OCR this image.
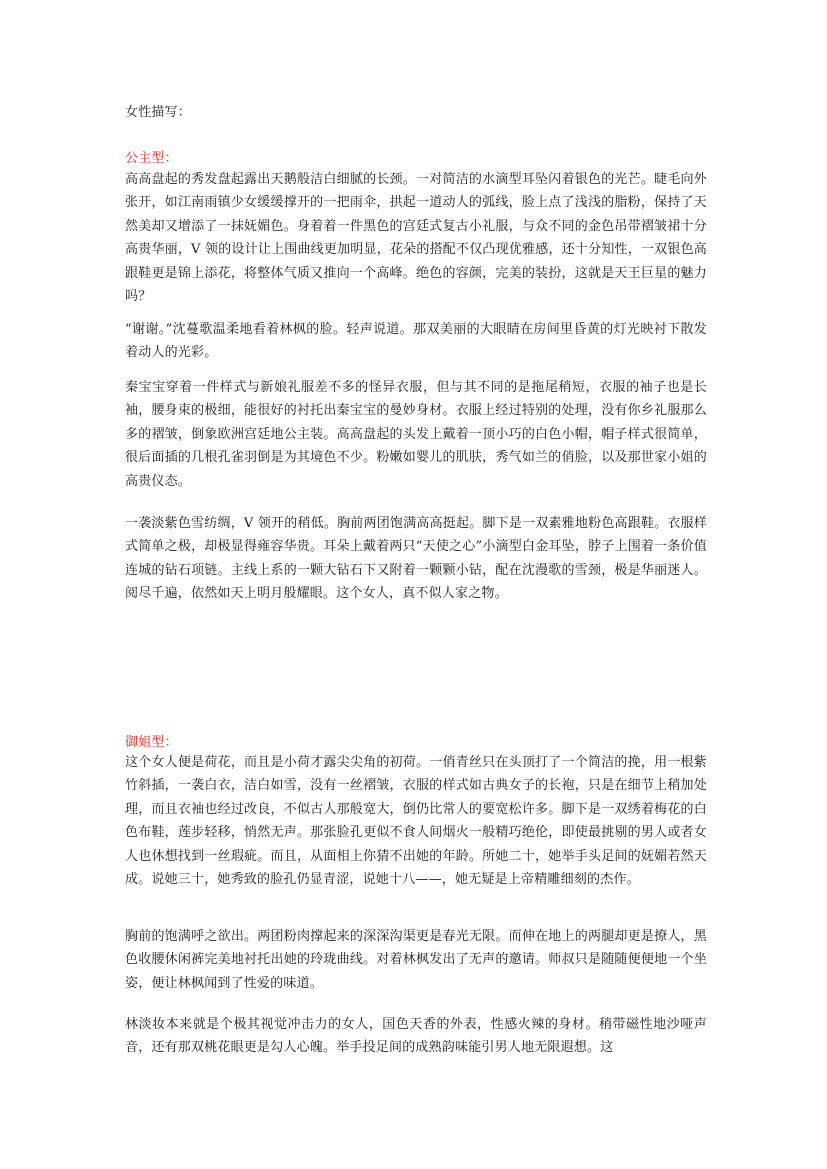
女性描写：

公主型：

高高盘起的秀发盘起露出天鹅般洁白细腻的长颈。一对简洁的水滴型耳坠闪着银色的光芒。睫毛向外张开，如江南雨镇少女缓缓撑开的一把雨伞，拱起一道动人的弧线，脸上点了浅浅的脂粉，保持了天然美却又增添了一抹妩媚色。身着着一件黑色的宫廷式复古小礼服，与众不同的金色吊带褶皱裙十分高贵华丽，V 领的设计让上围曲线更加明显，花朵的搭配不仅凸现优雅感，还十分知性，一双银色高跟鞋更是锦上添花，将整体气质又推向一个高峰。绝色的容颜，完美的装扮，这就是天王巨星的魅力吗？

“谢谢。”沈蔓歌温柔地看着林枫的脸。轻声说道。那双美丽的大眼睛在房间里昏黄的灯光映衬下散发着动人的光彩。

秦宝宝穿着一件样式与新娘礼服差不多的怪异衣服，但与其不同的是拖尾稍短，衣服的袖子也是长袖，腰身束的极细，能很好的衬托出秦宝宝的曼妙身材。衣服上经过特别的处理，没有你乡礼服那么多的褶皱，倒象欧洲宫廷地公主装。高高盘起的头发上戴着一顶小巧的白色小帽，帽子样式很简单，很后面插的几根孔雀羽倒是为其境色不少。粉嫩如婴儿的肌肤，秀气如兰的俏脸，以及那世家小姐的高贵仪态。

一袭淡紫色雪纺绸，V 领开的稍低。胸前两团饱满高高挺起。脚下是一双素雅地粉色高跟鞋。衣服样式简单之极，却极显得雍容华贵。耳朵上戴着两只“天使之心”小滴型白金耳坠，脖子上围着一条价值连城的钻石项链。主线上系的一颗大钻石下又附着一颗颗小钻，配在沈漫歌的雪颈，极是华丽迷人。阅尽千遍，依然如天上明月般耀眼。这个女人，真不似人家之物。

御姐型：

这个女人便是荷花，而且是小荷才露尖尖角的初荷。一俏青丝只在头顶打了一个简洁的挽，用一根紫竹斜插，一袭白衣，洁白如雪，没有一丝褶皱，衣服的样式如古典女子的长袍，只是在细节上稍加处理，而且衣袖也经过改良，不似古人那般宽大，倒仍比常人的要宽松许多。脚下是一双绣着梅花的白色布鞋，莲步轻移，悄然无声。那张脸孔更似不食人间烟火一般精巧绝伦，即使最挑剔的男人或者女人也休想找到一丝瑕疵。而且，从面相上你猜不出她的年龄。所她二十，她举手头足间的妩媚若然天成。说她三十，她秀致的脸孔仍显青涩，说她十八——，她无疑是上帝精雕细刻的杰作。

胸前的饱满呼之欲出。两团粉肉撑起来的深深沟渠更是春光无限。而伸在地上的两腿却更是撩人，黑色收腰休闲裤完美地衬托出她的玲珑曲线。对着林枫发出了无声的邀请。师叔只是随随便便地一个坐姿，便让林枫闻到了性爱的味道。

林淡妆本来就是个极其视觉冲击力的女人，国色天香的外表，性感火辣的身材。稍带磁性地沙哑声音，还有那双桃花眼更是勾人心魄。举手投足间的成熟韵味能引男人地无限遐想。这
